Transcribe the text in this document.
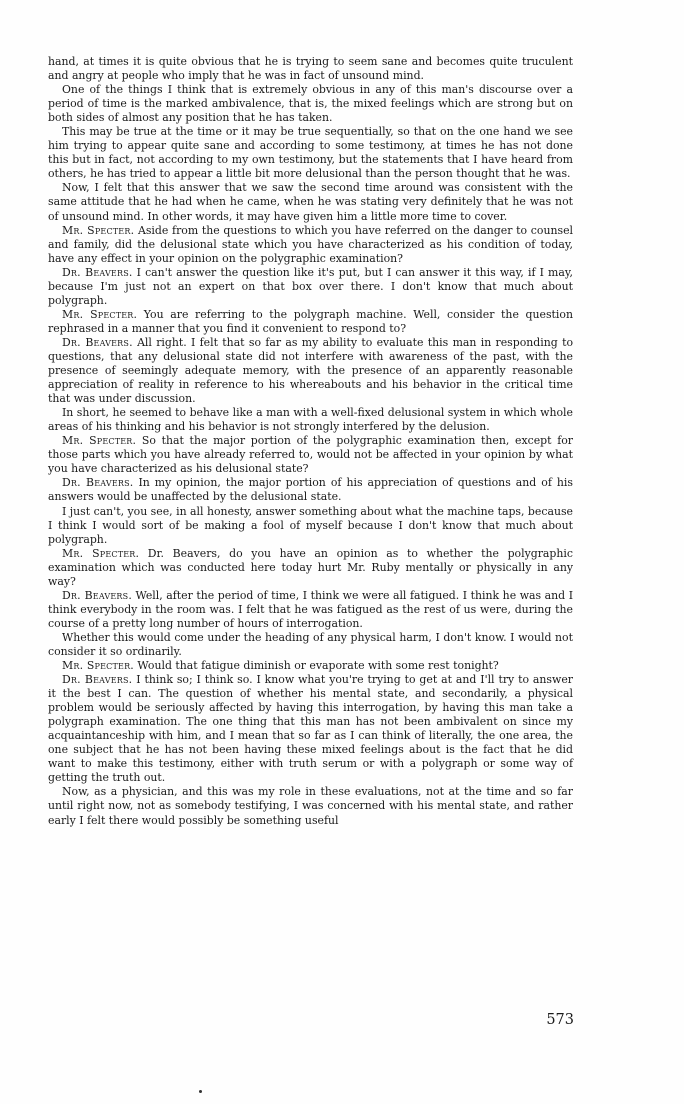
hand, at times it is quite obvious that he is trying to seem sane and becomes quite truculent and angry at people who imply that he was in fact of unsound mind.

One of the things I think that is extremely obvious in any of this man's discourse over a period of time is the marked ambivalence, that is, the mixed feelings which are strong but on both sides of almost any position that he has taken.

This may be true at the time or it may be true sequentially, so that on the one hand we see him trying to appear quite sane and according to some testimony, at times he has not done this but in fact, not according to my own testimony, but the statements that I have heard from others, he has tried to appear a little bit more delusional than the person thought that he was.

Now, I felt that this answer that we saw the second time around was consistent with the same attitude that he had when he came, when he was stating very definitely that he was not of unsound mind. In other words, it may have given him a little more time to cover.

Mr. Specter. Aside from the questions to which you have referred on the danger to counsel and family, did the delusional state which you have characterized as his condition of today, have any effect in your opinion on the polygraphic examination?

Dr. Beavers. I can't answer the question like it's put, but I can answer it this way, if I may, because I'm just not an expert on that box over there. I don't know that much about polygraph.

Mr. Specter. You are referring to the polygraph machine. Well, consider the question rephrased in a manner that you find it convenient to respond to?

Dr. Beavers. All right. I felt that so far as my ability to evaluate this man in responding to questions, that any delusional state did not interfere with awareness of the past, with the presence of seemingly adequate memory, with the presence of an apparently reasonable appreciation of reality in reference to his whereabouts and his behavior in the critical time that was under discussion.

In short, he seemed to behave like a man with a well-fixed delusional system in which whole areas of his thinking and his behavior is not strongly interfered by the delusion.

Mr. Specter. So that the major portion of the polygraphic examination then, except for those parts which you have already referred to, would not be affected in your opinion by what you have characterized as his delusional state?

Dr. Beavers. In my opinion, the major portion of his appreciation of questions and of his answers would be unaffected by the delusional state.

I just can't, you see, in all honesty, answer something about what the machine taps, because I think I would sort of be making a fool of myself because I don't know that much about polygraph.

Mr. Specter. Dr. Beavers, do you have an opinion as to whether the polygraphic examination which was conducted here today hurt Mr. Ruby mentally or physically in any way?

Dr. Beavers. Well, after the period of time, I think we were all fatigued. I think he was and I think everybody in the room was. I felt that he was fatigued as the rest of us were, during the course of a pretty long number of hours of interrogation.

Whether this would come under the heading of any physical harm, I don't know. I would not consider it so ordinarily.

Mr. Specter. Would that fatigue diminish or evaporate with some rest tonight?

Dr. Beavers. I think so; I think so. I know what you're trying to get at and I'll try to answer it the best I can. The question of whether his mental state, and secondarily, a physical problem would be seriously affected by having this interrogation, by having this man take a polygraph examination. The one thing that this man has not been ambivalent on since my acquaintanceship with him, and I mean that so far as I can think of literally, the one area, the one subject that he has not been having these mixed feelings about is the fact that he did want to make this testimony, either with truth serum or with a polygraph or some way of getting the truth out.

Now, as a physician, and this was my role in these evaluations, not at the time and so far until right now, not as somebody testifying, I was concerned with his mental state, and rather early I felt there would possibly be something useful

573
